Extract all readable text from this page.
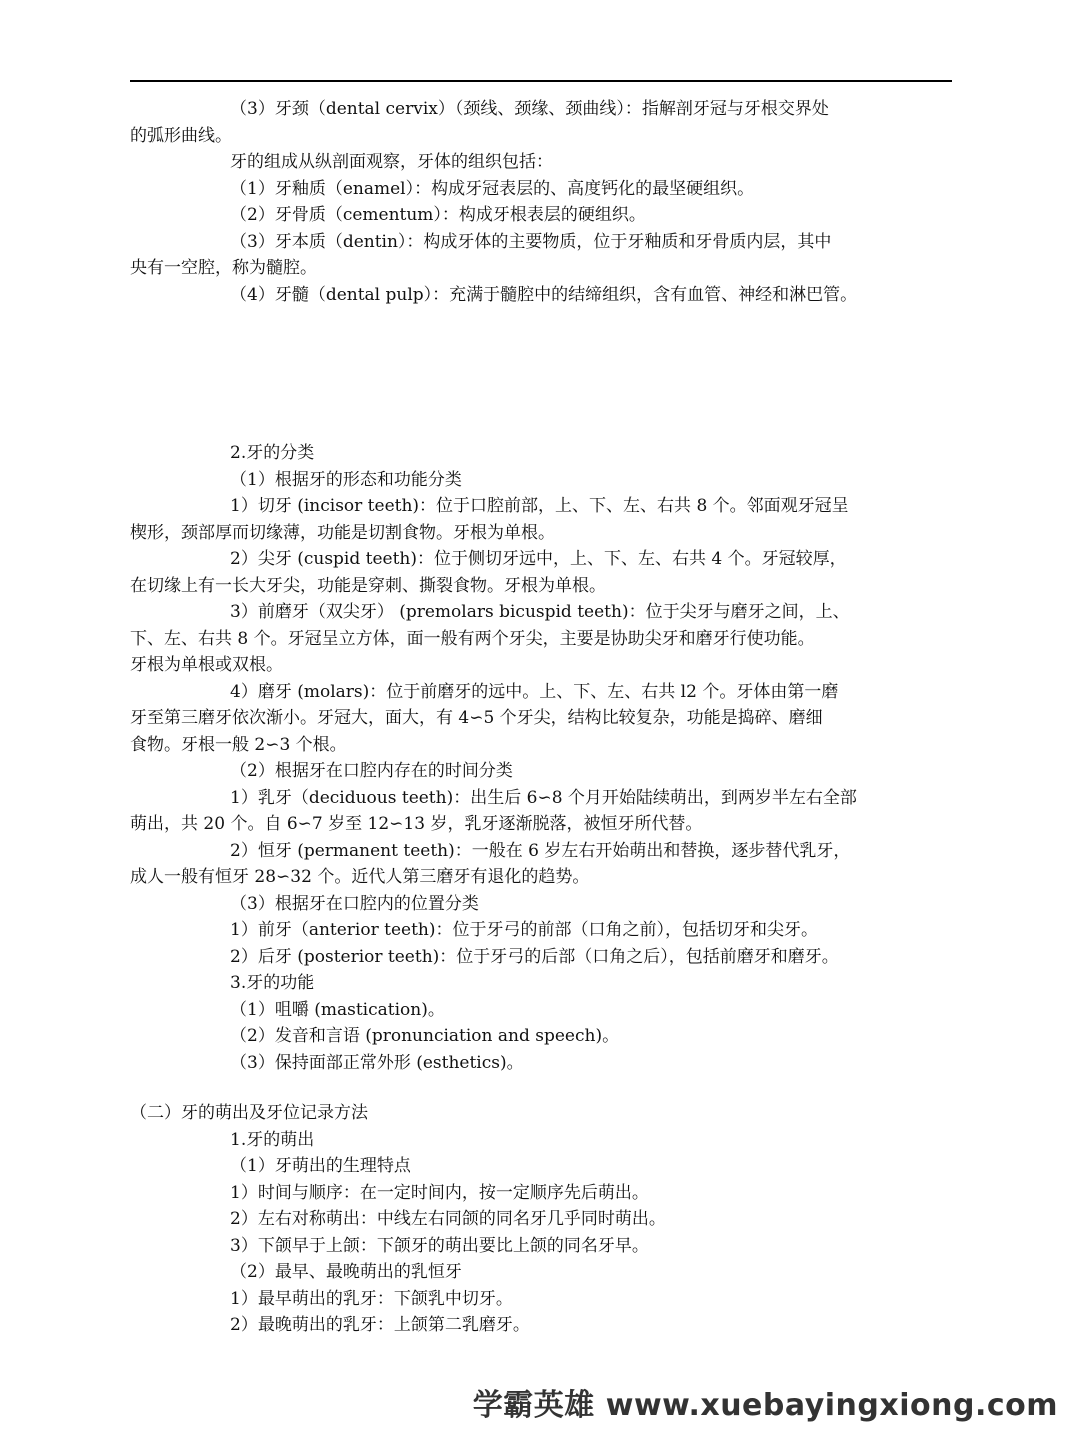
（3）牙颈（dental cervix）（颈线、颈缘、颈曲线）：指解剖牙冠与牙根交界处
的弧形曲线。
牙的组成从纵剖面观察，牙体的组织包括：
（1）牙釉质（enamel）：构成牙冠表层的、高度钙化的最坚硬组织。
（2）牙骨质（cementum）：构成牙根表层的硬组织。
（3）牙本质（dentin）：构成牙体的主要物质，位于牙釉质和牙骨质内层，其中
央有一空腔，称为髓腔。
（4）牙髓（dental pulp）：充满于髓腔中的结缔组织，含有血管、神经和淋巴管。
2.牙的分类
（1）根据牙的形态和功能分类
1）切牙 (incisor teeth)：位于口腔前部，上、下、左、右共 8 个。邻面观牙冠呈
楔形，颈部厚而切缘薄，功能是切割食物。牙根为单根。
2）尖牙 (cuspid teeth)：位于侧切牙远中，上、下、左、右共 4 个。牙冠较厚，
在切缘上有一长大牙尖，功能是穿刺、撕裂食物。牙根为单根。
3）前磨牙（双尖牙） (premolars bicuspid teeth)：位于尖牙与磨牙之间，上、
下、左、右共 8 个。牙冠呈立方体，面一般有两个牙尖，主要是协助尖牙和磨牙行使功能。
牙根为单根或双根。
4）磨牙 (molars)：位于前磨牙的远中。上、下、左、右共 l2 个。牙体由第一磨
牙至第三磨牙依次渐小。牙冠大，面大，有 4∽5 个牙尖，结构比较复杂，功能是捣碎、磨细
食物。牙根一般 2∽3 个根。
（2）根据牙在口腔内存在的时间分类
1）乳牙（deciduous teeth)：出生后 6∽8 个月开始陆续萌出，到两岁半左右全部
萌出，共 20 个。自 6∽7 岁至 12∽13 岁，乳牙逐渐脱落，被恒牙所代替。
2）恒牙 (permanent teeth)：一般在 6 岁左右开始萌出和替换，逐步替代乳牙，
成人一般有恒牙 28∽32 个。近代人第三磨牙有退化的趋势。
（3）根据牙在口腔内的位置分类
1）前牙（anterior teeth)：位于牙弓的前部（口角之前），包括切牙和尖牙。
2）后牙 (posterior teeth)：位于牙弓的后部（口角之后），包括前磨牙和磨牙。
3.牙的功能
（1）咀嚼 (mastication)。
（2）发音和言语 (pronunciation and speech)。
（3）保持面部正常外形 (esthetics)。
（二）牙的萌出及牙位记录方法
1.牙的萌出
（1）牙萌出的生理特点
1）时间与顺序：在一定时间内，按一定顺序先后萌出。
2）左右对称萌出：中线左右同颌的同名牙几乎同时萌出。
3）下颌早于上颌：下颌牙的萌出要比上颌的同名牙早。
（2）最早、最晚萌出的乳恒牙
1）最早萌出的乳牙：下颌乳中切牙。
2）最晚萌出的乳牙：上颌第二乳磨牙。
学霸英雄 www.xuebayingxiong.com
